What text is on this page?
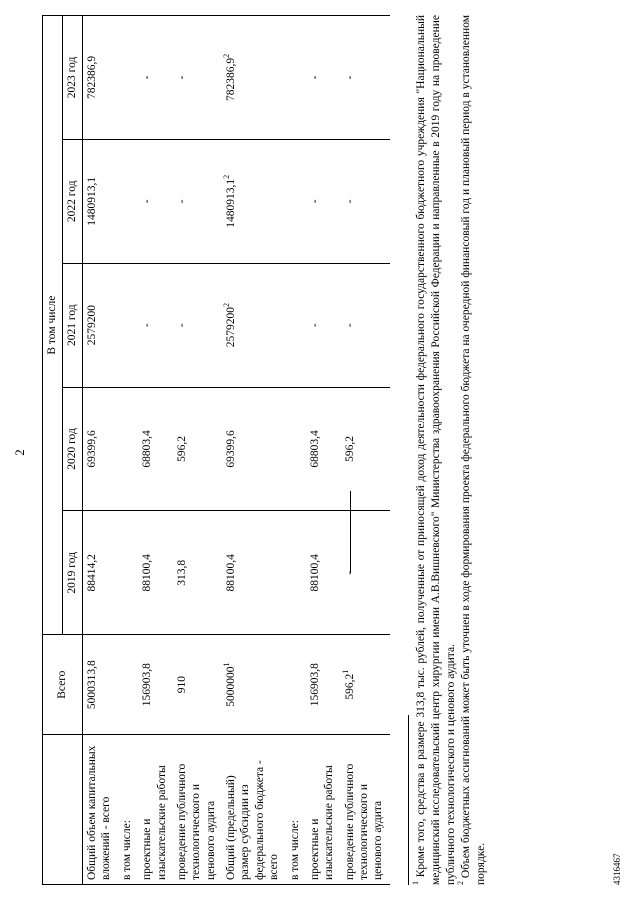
2
	Всего	В том числе				
		2019 год	2020 год	2021 год	2022 год	2023 год
Общий объем капитальных вложений - всего	5000313,8	88414,2	69399,6	2579200	1480913,1	782386,9
в том числе:						
проектные и изыскательские работы	156903,8	88100,4	68803,4	-	-	-
проведение публичного технологического и ценового аудита	910	313,8	596,2	-	-	-
Общий (предельный) размер субсидии из федерального бюджета - всего	5000000$^1$	88100,4	69399,6	2579200$^2$	1480913,1$^2$	782386,9$^2$
в том числе:						
проектные и изыскательские работы	156903,8	88100,4	68803,4	-	-	-
проведение публичного технологического и ценового аудита	596,2$^1$	-	596,2	-	-	-

$^1$ Кроме того, средства в размере 313,8 тыс. рублей, полученные от приносящей доход деятельности федерального государственного бюджетного учреждения "Национальный медицинский исследовательский центр хирургии имени А.В.Вишневского" Министерства здравоохранения Российской Федерации и направленные в 2019 году на проведение публичного технологического и ценового аудита.

$^2$ Объем бюджетных ассигнований может быть уточнен в ходе формирования проекта федерального бюджета на очередной финансовый год и плановый период в установленном порядке.	4316467
